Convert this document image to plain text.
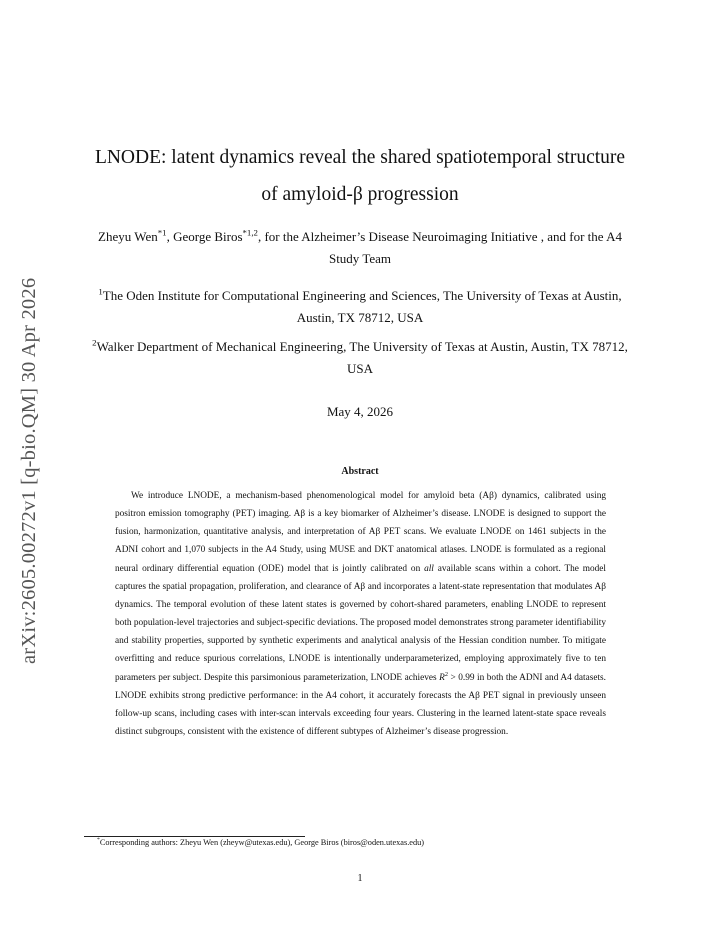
arXiv:2605.00272v1 [q-bio.QM] 30 Apr 2026
LNODE: latent dynamics reveal the shared spatiotemporal structure
of amyloid-β progression
Zheyu Wen$^{*1}$, George Biros$^{*1,2}$, for the Alzheimer’s Disease Neuroimaging Initiative , and for the A4 Study Team
$^1$The Oden Institute for Computational Engineering and Sciences, The University of Texas at Austin, Austin, TX 78712, USA
$^2$Walker Department of Mechanical Engineering, The University of Texas at Austin, Austin, TX 78712, USA
May 4, 2026
Abstract

We introduce LNODE, a mechanism-based phenomenological model for amyloid beta (Aβ) dynamics, calibrated using positron emission tomography (PET) imaging. Aβ is a key biomarker of Alzheimer’s disease. LNODE is designed to support the fusion, harmonization, quantitative analysis, and interpretation of Aβ PET scans. We evaluate LNODE on 1461 subjects in the ADNI cohort and 1,070 subjects in the A4 Study, using MUSE and DKT anatomical atlases. LNODE is formulated as a regional neural ordinary differential equation (ODE) model that is jointly calibrated on all available scans within a cohort. The model captures the spatial propagation, proliferation, and clearance of Aβ and incorporates a latent-state representation that modulates Aβ dynamics. The temporal evolution of these latent states is governed by cohort-shared parameters, enabling LNODE to represent both population-level trajectories and subject-specific deviations. The proposed model demonstrates strong parameter identifiability and stability properties, supported by synthetic experiments and analytical analysis of the Hessian condition number. To mitigate overfitting and reduce spurious correlations, LNODE is intentionally underparameterized, employing approximately five to ten parameters per subject. Despite this parsimonious parameterization, LNODE achieves $R^2 > 0.99$ in both the ADNI and A4 datasets. LNODE exhibits strong predictive performance: in the A4 cohort, it accurately forecasts the Aβ PET signal in previously unseen follow-up scans, including cases with inter-scan intervals exceeding four years. Clustering in the learned latent-state space reveals distinct subgroups, consistent with the existence of different subtypes of Alzheimer’s disease progression.

*Corresponding authors: Zheyu Wen (zheyw@utexas.edu), George Biros (biros@oden.utexas.edu)
1
